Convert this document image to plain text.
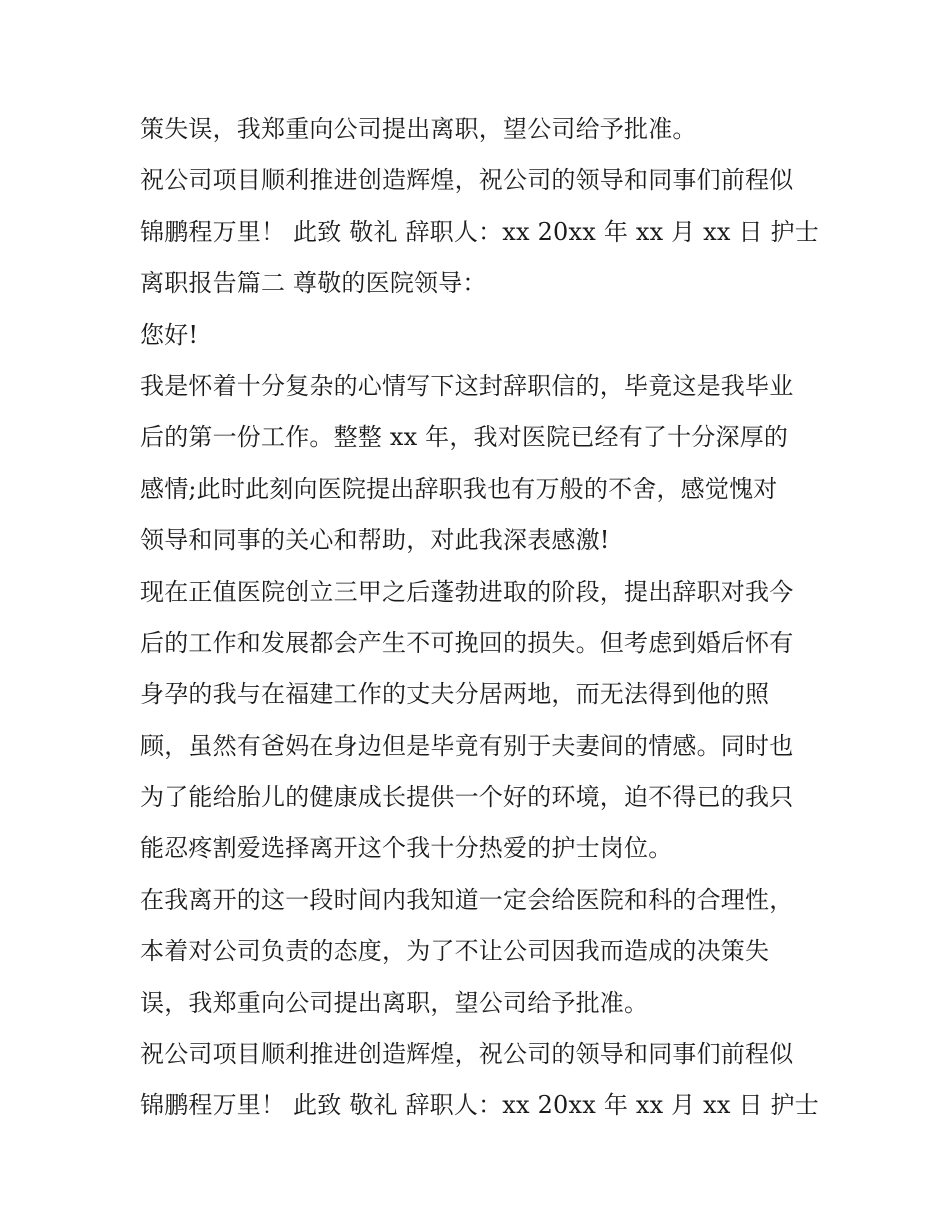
策失误，我郑重向公司提出离职，望公司给予批准。
祝公司项目顺利推进创造辉煌，祝公司的领导和同事们前程似
锦鹏程万里！ 此致 敬礼 辞职人：xx 20xx 年 xx 月 xx 日 护士
离职报告篇二 尊敬的医院领导：
您好!
我是怀着十分复杂的心情写下这封辞职信的，毕竟这是我毕业
后的第一份工作。整整 xx 年，我对医院已经有了十分深厚的
感情;此时此刻向医院提出辞职我也有万般的不舍，感觉愧对
领导和同事的关心和帮助，对此我深表感激!
现在正值医院创立三甲之后蓬勃进取的阶段，提出辞职对我今
后的工作和发展都会产生不可挽回的损失。但考虑到婚后怀有
身孕的我与在福建工作的丈夫分居两地，而无法得到他的照
顾，虽然有爸妈在身边但是毕竟有别于夫妻间的情感。同时也
为了能给胎儿的健康成长提供一个好的环境，迫不得已的我只
能忍疼割爱选择离开这个我十分热爱的护士岗位。
在我离开的这一段时间内我知道一定会给医院和科的合理性，
本着对公司负责的态度，为了不让公司因我而造成的决策失
误，我郑重向公司提出离职，望公司给予批准。
祝公司项目顺利推进创造辉煌，祝公司的领导和同事们前程似
锦鹏程万里！ 此致 敬礼 辞职人：xx 20xx 年 xx 月 xx 日 护士
